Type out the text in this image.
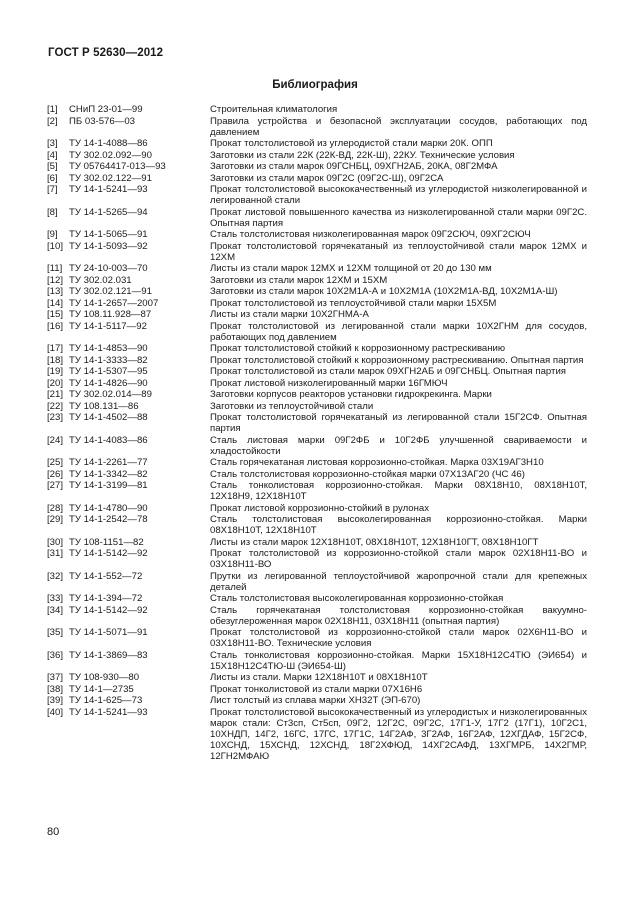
ГОСТ Р 52630—2012
Библиография
[1]	СНиП 23-01—99	Строительная климатология
[2]	ПБ 03-576—03	Правила устройства и безопасной эксплуатации сосудов, работающих под давлением
[3]	ТУ 14-1-4088—86	Прокат толстолистовой из углеродистой стали марки 20К. ОПП
[4]	ТУ 302.02.092—90	Заготовки из стали 22К (22К-ВД, 22К-Ш), 22КУ. Технические условия
[5]	ТУ 05764417-013—93	Заготовки из стали марок 09ГСНБЦ, 09ХГН2АБ, 20КА, 08Г2МФА
[6]	ТУ 302.02.122—91	Заготовки из стали марок 09Г2С (09Г2С-Ш), 09Г2СА
[7]	ТУ 14-1-5241—93	Прокат толстолистовой высококачественный из углеродистой низколегированной и легированной стали
[8]	ТУ 14-1-5265—94	Прокат листовой повышенного качества из низколегированной стали марки 09Г2С. Опытная партия
[9]	ТУ 14-1-5065—91	Сталь толстолистовая низколегированная марок 09Г2СЮЧ, 09ХГ2СЮЧ
[10] ТУ 14-1-5093—92	Прокат толстолистовой горячекатаный из теплоустойчивой стали марок 12МХ и 12ХМ
[11] ТУ 24-10-003—70	Листы из стали марок 12МХ и 12ХМ толщиной от 20 до 130 мм
[12] ТУ 302.02.031	Заготовки из стали марок 12ХМ и 15ХМ
[13] ТУ 302.02.121—91	Заготовки из стали марок 10Х2М1А-А и 10Х2М1А (10Х2М1А-ВД, 10Х2М1А-Ш)
[14] ТУ 14-1-2657—2007	Прокат толстолистовой из теплоустойчивой стали марки 15Х5М
[15] ТУ 108.11.928—87	Листы из стали марки 10Х2ГНМА-А
[16] ТУ 14-1-5117—92	Прокат толстолистовой из легированной стали марки 10Х2ГНМ для сосудов, работающих под давлением
[17] ТУ 14-1-4853—90	Прокат толстолистовой стойкий к коррозионному растрескиванию
[18] ТУ 14-1-3333—82	Прокат толстолистовой стойкий к коррозионному растрескиванию. Опытная партия
[19] ТУ 14-1-5307—95	Прокат толстолистовой из стали марок 09ХГН2АБ и 09ГСНБЦ. Опытная партия
[20] ТУ 14-1-4826—90	Прокат листовой низколегированный марки 16ГМЮЧ
[21] ТУ 302.02.014—89	Заготовки корпусов реакторов установки гидрокрекинга. Марки
[22] ТУ 108.131—86	Заготовки из теплоустойчивой стали
[23] ТУ 14-1-4502—88	Прокат толстолистовой горячекатаный из легированной стали 15Г2СФ. Опытная партия
[24] ТУ 14-1-4083—86	Сталь листовая марки 09Г2ФБ и 10Г2ФБ улучшенной свариваемости и хладостойкости
[25] ТУ 14-1-2261—77	Сталь горячекатаная листовая коррозионно-стойкая. Марка 03Х19АГ3Н10
[26] ТУ 14-1-3342—82	Сталь толстолистовая коррозионно-стойкая марки 07Х13АГ20 (ЧС 46)
[27] ТУ 14-1-3199—81	Сталь тонколистовая коррозионно-стойкая. Марки 08Х18Н10, 08Х18Н10Т, 12Х18Н9, 12Х18Н10Т
[28] ТУ 14-1-4780—90	Прокат листовой коррозионно-стойкий в рулонах
[29] ТУ 14-1-2542—78	Сталь толстолистовая высоколегированная коррозионно-стойкая. Марки 08Х18Н10Т, 12Х18Н10Т
[30] ТУ 108-1151—82	Листы из стали марок 12Х18Н10Т, 08Х18Н10Т, 12Х18Н10ГТ, 08Х18Н10ГТ
[31] ТУ 14-1-5142—92	Прокат толстолистовой из коррозионно-стойкой стали марок 02Х18Н11-ВО и 03Х18Н11-ВО
[32] ТУ 14-1-552—72	Прутки из легированной теплоустойчивой жаропрочной стали для крепежных деталей
[33] ТУ 14-1-394—72	Сталь толстолистовая высоколегированная коррозионно-стойкая
[34] ТУ 14-1-5142—92	Сталь горячекатаная толстолистовая коррозионно-стойкая вакуумно-обезуглероженная марок 02Х18Н11, 03Х18Н11 (опытная партия)
[35] ТУ 14-1-5071—91	Прокат толстолистовой из коррозионно-стойкой стали марок 02Х6Н11-ВО и 03Х18Н11-ВО. Технические условия
[36] ТУ 14-1-3869—83	Сталь тонколистовая коррозионно-стойкая. Марки 15Х18Н12С4ТЮ (ЭИ654) и 15Х18Н12С4ТЮ-Ш (ЭИ654-Ш)
[37] ТУ 108-930—80	Листы из стали. Марки 12Х18Н10Т и 08Х18Н10Т
[38] ТУ 14-1—2735	Прокат тонколистовой из стали марки 07Х16Н6
[39] ТУ 14-1-625—73	Лист толстый из сплава марки ХН32Т (ЭП-670)
[40] ТУ 14-1-5241—93	Прокат толстолистовой высококачественный из углеродистых и низколегированных марок стали: Ст3сп, Ст5сп, 09Г2, 12Г2С, 09Г2С, 17Г1-У, 17Г2 (17Г1), 10Г2С1, 10ХНДП, 14Г2, 16ГС, 17ГС, 17Г1С, 14Г2АФ, 3Г2АФ, 16Г2АФ, 12ХГДАФ, 15Г2СФ, 10ХСНД, 15ХСНД, 12ХСНД, 18Г2ХФЮД, 14ХГ2САФД, 13ХГМРБ, 14Х2ГМР, 12ГН2МФАЮ
80
